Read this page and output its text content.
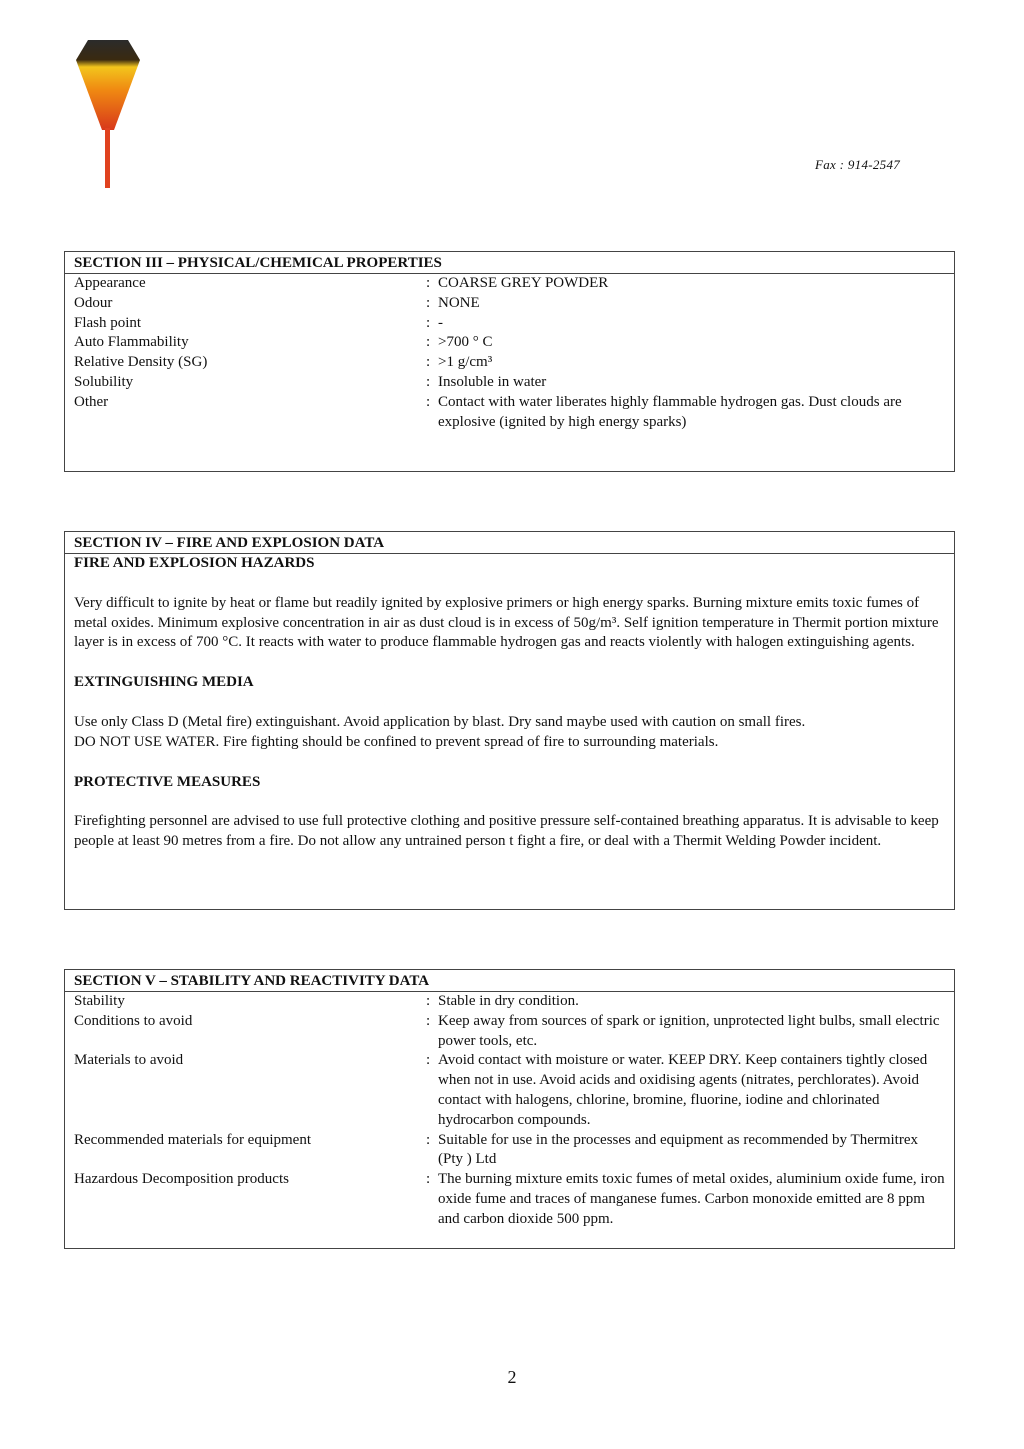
Fax : 914-2547
SECTION III – PHYSICAL/CHEMICAL PROPERTIES
Appearance	: COARSE GREY POWDER
Odour	: NONE
Flash point	: -
Auto Flammability	: >700 ° C
Relative Density (SG)	: >1 g/cm³
Solubility	: Insoluble in water
Other	: Contact with water liberates highly flammable hydrogen gas. Dust clouds are explosive (ignited by high energy sparks)
SECTION IV – FIRE AND EXPLOSION DATA

FIRE AND EXPLOSION HAZARDS

Very difficult to ignite by heat or flame but readily ignited by explosive primers or high energy sparks. Burning mixture emits toxic fumes of metal oxides. Minimum explosive concentration in air as dust cloud is in excess of 50g/m³. Self ignition temperature in Thermit portion mixture layer is in excess of 700 °C. It reacts with water to produce flammable hydrogen gas and reacts violently with halogen extinguishing agents.

EXTINGUISHING MEDIA

Use only Class D (Metal fire) extinguishant. Avoid application by blast. Dry sand maybe used with caution on small fires.

DO NOT USE WATER. Fire fighting should be confined to prevent spread of fire to surrounding materials.

PROTECTIVE MEASURES

Firefighting personnel are advised to use full protective clothing and positive pressure self-contained breathing apparatus. It is advisable to keep people at least 90 metres from a fire. Do not allow any untrained person t fight a fire, or deal with a Thermit Welding Powder incident.

SECTION V – STABILITY AND REACTIVITY DATA
Stability	: Stable in dry condition.
Conditions to avoid	: Keep away from sources of spark or ignition, unprotected light bulbs, small electric power tools, etc.
Materials to avoid	: Avoid contact with moisture or water. KEEP DRY. Keep containers tightly closed when not in use. Avoid acids and oxidising agents (nitrates, perchlorates). Avoid contact with halogens, chlorine, bromine, fluorine, iodine and chlorinated hydrocarbon compounds.
Recommended materials for equipment	: Suitable for use in the processes and equipment as recommended by Thermitrex (Pty ) Ltd
Hazardous Decomposition products	: The burning mixture emits toxic fumes of metal oxides, aluminium oxide fume, iron oxide fume and traces of manganese fumes. Carbon monoxide emitted are 8 ppm and carbon dioxide 500 ppm.
2
